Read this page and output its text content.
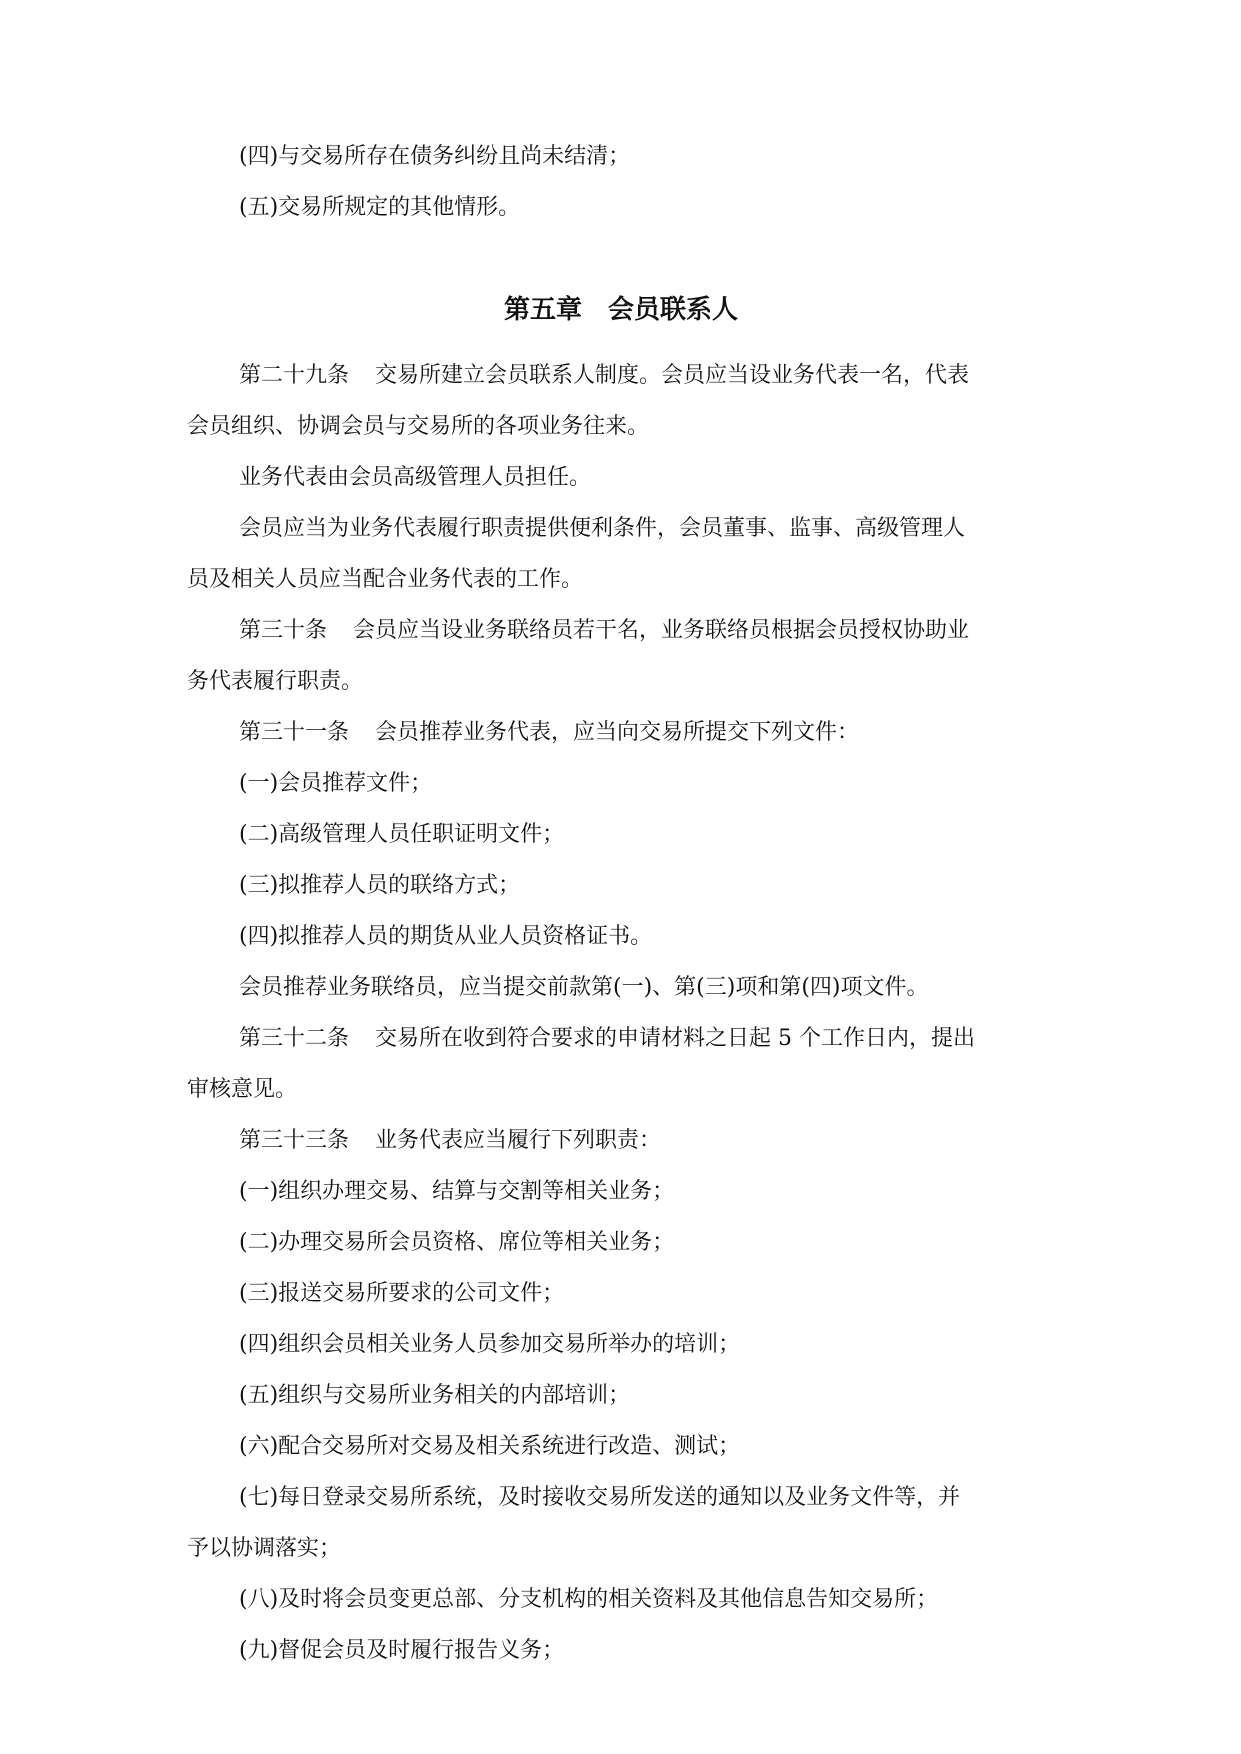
(四)与交易所存在债务纠纷且尚未结清；

(五)交易所规定的其他情形。

第五章 会员联系人

第二十九条 交易所建立会员联系人制度。会员应当设业务代表一名，代表

会员组织、协调会员与交易所的各项业务往来。

业务代表由会员高级管理人员担任。

会员应当为业务代表履行职责提供便利条件，会员董事、监事、高级管理人

员及相关人员应当配合业务代表的工作。

第三十条 会员应当设业务联络员若干名，业务联络员根据会员授权协助业

务代表履行职责。

第三十一条 会员推荐业务代表，应当向交易所提交下列文件：

(一)会员推荐文件；

(二)高级管理人员任职证明文件；

(三)拟推荐人员的联络方式；

(四)拟推荐人员的期货从业人员资格证书。

会员推荐业务联络员，应当提交前款第(一)、第(三)项和第(四)项文件。

第三十二条 交易所在收到符合要求的申请材料之日起 5 个工作日内，提出

审核意见。

第三十三条 业务代表应当履行下列职责：

(一)组织办理交易、结算与交割等相关业务；

(二)办理交易所会员资格、席位等相关业务；

(三)报送交易所要求的公司文件；

(四)组织会员相关业务人员参加交易所举办的培训；

(五)组织与交易所业务相关的内部培训；

(六)配合交易所对交易及相关系统进行改造、测试；

(七)每日登录交易所系统，及时接收交易所发送的通知以及业务文件等，并

予以协调落实；

(八)及时将会员变更总部、分支机构的相关资料及其他信息告知交易所；

(九)督促会员及时履行报告义务；
